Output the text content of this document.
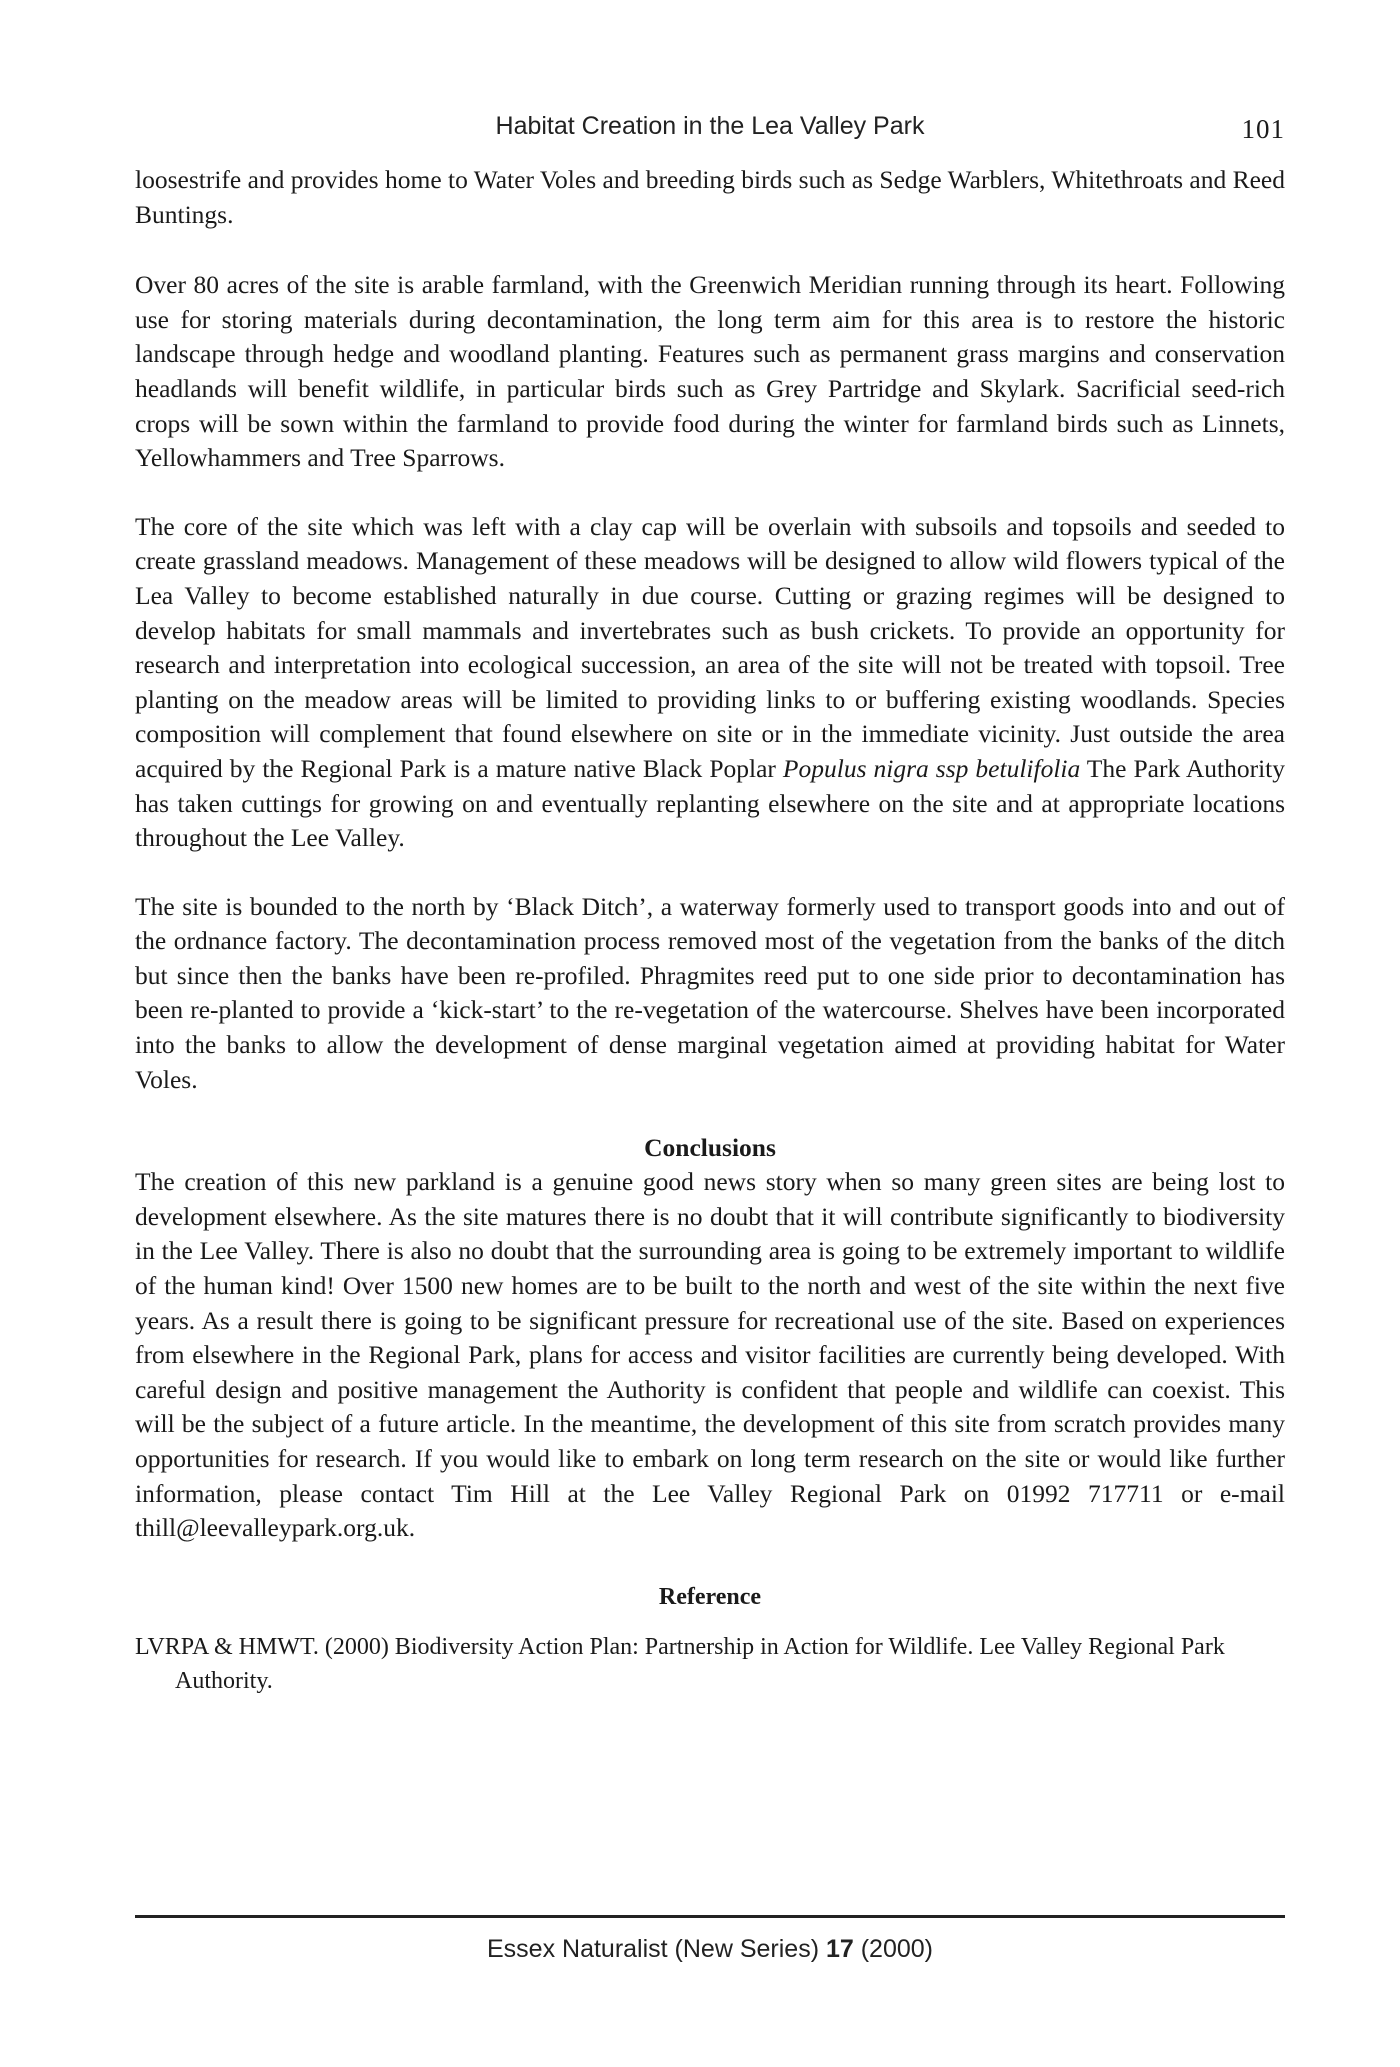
Habitat Creation in the Lea Valley Park	101

loosestrife and provides home to Water Voles and breeding birds such as Sedge Warblers, Whitethroats and Reed Buntings.

Over 80 acres of the site is arable farmland, with the Greenwich Meridian running through its heart. Following use for storing materials during decontamination, the long term aim for this area is to restore the historic landscape through hedge and woodland planting. Features such as permanent grass margins and conservation headlands will benefit wildlife, in particular birds such as Grey Partridge and Skylark. Sacrificial seed-rich crops will be sown within the farmland to provide food during the winter for farmland birds such as Linnets, Yellowhammers and Tree Sparrows.

The core of the site which was left with a clay cap will be overlain with subsoils and topsoils and seeded to create grassland meadows. Management of these meadows will be designed to allow wild flowers typical of the Lea Valley to become established naturally in due course. Cutting or grazing regimes will be designed to develop habitats for small mammals and invertebrates such as bush crickets. To provide an opportunity for research and interpretation into ecological succession, an area of the site will not be treated with topsoil. Tree planting on the meadow areas will be limited to providing links to or buffering existing woodlands. Species composition will complement that found elsewhere on site or in the immediate vicinity. Just outside the area acquired by the Regional Park is a mature native Black Poplar Populus nigra ssp betulifolia The Park Authority has taken cuttings for growing on and eventually replanting elsewhere on the site and at appropriate locations throughout the Lee Valley.

The site is bounded to the north by ‘Black Ditch’, a waterway formerly used to transport goods into and out of the ordnance factory. The decontamination process removed most of the vegetation from the banks of the ditch but since then the banks have been re-profiled. Phragmites reed put to one side prior to decontamination has been re-planted to provide a ‘kick-start’ to the re-vegetation of the watercourse. Shelves have been incorporated into the banks to allow the development of dense marginal vegetation aimed at providing habitat for Water Voles.

Conclusions

The creation of this new parkland is a genuine good news story when so many green sites are being lost to development elsewhere. As the site matures there is no doubt that it will contribute significantly to biodiversity in the Lee Valley. There is also no doubt that the surrounding area is going to be extremely important to wildlife of the human kind! Over 1500 new homes are to be built to the north and west of the site within the next five years. As a result there is going to be significant pressure for recreational use of the site. Based on experiences from elsewhere in the Regional Park, plans for access and visitor facilities are currently being developed. With careful design and positive management the Authority is confident that people and wildlife can coexist. This will be the subject of a future article. In the meantime, the development of this site from scratch provides many opportunities for research. If you would like to embark on long term research on the site or would like further information, please contact Tim Hill at the Lee Valley Regional Park on 01992 717711 or e-mail thill@leevalleypark.org.uk.

Reference

LVRPA & HMWT. (2000) Biodiversity Action Plan: Partnership in Action for Wildlife. Lee Valley Regional Park Authority.

Essex Naturalist (New Series) 17 (2000)
